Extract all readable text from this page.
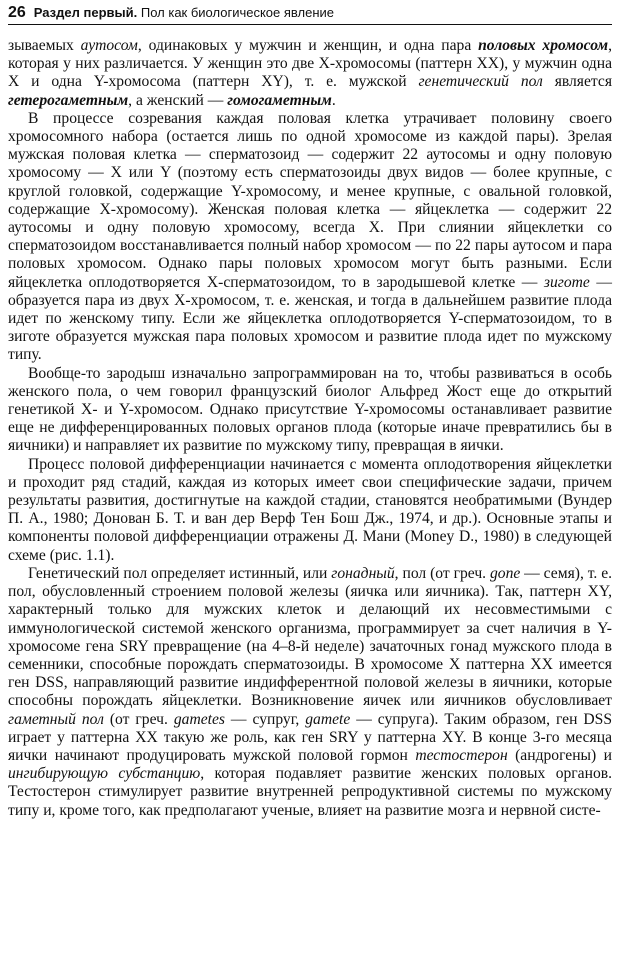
26 Раздел первый. Пол как биологическое явление

зываемых аутосом, одинаковых у мужчин и женщин, и одна пара половых хромосом, которая у них различается. У женщин это две Х-хромосомы (паттерн XX), у мужчин одна X и одна Y-хромосома (паттерн XY), т. е. мужской генетический пол является гетерогаметным, а женский — гомогаметным.

В процессе созревания каждая половая клетка утрачивает половину своего хромосомного набора (остается лишь по одной хромосоме из каждой пары). Зрелая мужская половая клетка — сперматозоид — содержит 22 аутосомы и одну половую хромосому — X или Y (поэтому есть сперматозоиды двух видов — более крупные, с круглой головкой, содержащие Y-хромосому, и менее крупные, с овальной головкой, содержащие Х-хромосому). Женская половая клетка — яйцеклетка — содержит 22 аутосомы и одну половую хромосому, всегда X. При слиянии яйцеклетки со сперматозоидом восстанавливается полный набор хромосом — по 22 пары аутосом и пара половых хромосом. Однако пары половых хромосом могут быть разными. Если яйцеклетка оплодотворяется Х-сперматозоидом, то в зародышевой клетке — зиготе — образуется пара из двух Х-хромосом, т. е. женская, и тогда в дальнейшем развитие плода идет по женскому типу. Если же яйцеклетка оплодотворяется Y-сперматозоидом, то в зиготе образуется мужская пара половых хромосом и развитие плода идет по мужскому типу.

Вообще-то зародыш изначально запрограммирован на то, чтобы развиваться в особь женского пола, о чем говорил французский биолог Альфред Жост еще до открытий генетикой X- и Y-хромосом. Однако присутствие Y-хромосомы останавливает развитие еще не дифференцированных половых органов плода (которые иначе превратились бы в яичники) и направляет их развитие по мужскому типу, превращая в яички.

Процесс половой дифференциации начинается с момента оплодотворения яйцеклетки и проходит ряд стадий, каждая из которых имеет свои специфические задачи, причем результаты развития, достигнутые на каждой стадии, становятся необратимыми (Вундер П. А., 1980; Донован Б. Т. и ван дер Верф Тен Бош Дж., 1974, и др.). Основные этапы и компоненты половой дифференциации отражены Д. Мани (Money D., 1980) в следующей схеме (рис. 1.1).

Генетический пол определяет истинный, или гонадный, пол (от греч. gone — семя), т. е. пол, обусловленный строением половой железы (яичка или яичника). Так, паттерн XY, характерный только для мужских клеток и делающий их несовместимыми с иммунологической системой женского организма, программирует за счет наличия в Y-хромосоме гена SRY превращение (на 4–8-й неделе) зачаточных гонад мужского плода в семенники, способные порождать сперматозоиды. В хромосоме X паттерна XX имеется ген DSS, направляющий развитие индифферентной половой железы в яичники, которые способны порождать яйцеклетки. Возникновение яичек или яичников обусловливает гаметный пол (от греч. gametes — супруг, gamete — супруга). Таким образом, ген DSS играет у паттерна XX такую же роль, как ген SRY у паттерна XY. В конце 3-го месяца яички начинают продуцировать мужской половой гормон тестостерон (андрогены) и ингибирующую субстанцию, которая подавляет развитие женских половых органов. Тестостерон стимулирует развитие внутренней репродуктивной системы по мужскому типу и, кроме того, как предполагают ученые, влияет на развитие мозга и нервной систе-
